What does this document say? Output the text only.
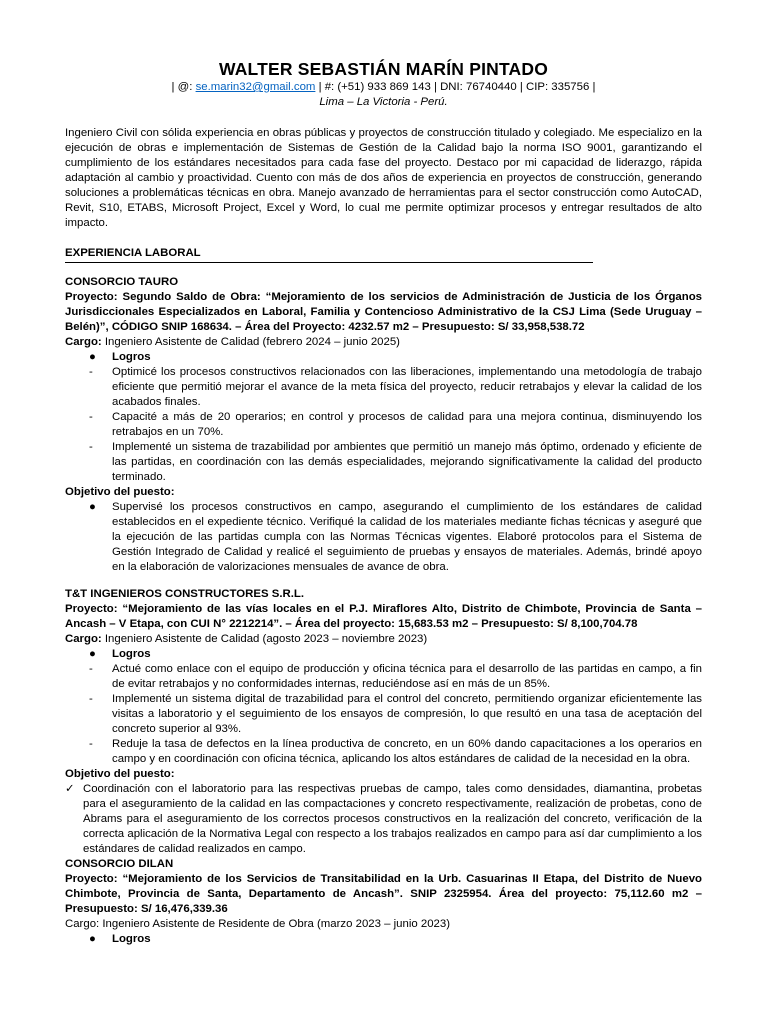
WALTER SEBASTIÁN MARÍN PINTADO
| @: se.marin32@gmail.com | #: (+51) 933 869 143 | DNI: 76740440 | CIP: 335756 |
Lima – La Victoria - Perú.
Ingeniero Civil con sólida experiencia en obras públicas y proyectos de construcción titulado y colegiado. Me especializo en la ejecución de obras e implementación de Sistemas de Gestión de la Calidad bajo la norma ISO 9001, garantizando el cumplimiento de los estándares necesitados para cada fase del proyecto. Destaco por mi capacidad de liderazgo, rápida adaptación al cambio y proactividad. Cuento con más de dos años de experiencia en proyectos de construcción, generando soluciones a problemáticas técnicas en obra. Manejo avanzado de herramientas para el sector construcción como AutoCAD, Revit, S10, ETABS, Microsoft Project, Excel y Word, lo cual me permite optimizar procesos y entregar resultados de alto impacto.
EXPERIENCIA LABORAL
CONSORCIO TAURO
Proyecto: Segundo Saldo de Obra: “Mejoramiento de los servicios de Administración de Justicia de los Órganos Jurisdiccionales Especializados en Laboral, Familia y Contencioso Administrativo de la CSJ Lima (Sede Uruguay – Belén)”, CÓDIGO SNIP 168634. – Área del Proyecto: 4232.57 m2 – Presupuesto: S/ 33,958,538.72
Cargo: Ingeniero Asistente de Calidad (febrero 2024 – junio 2025)
● Logros
- Optimicé los procesos constructivos relacionados con las liberaciones, implementando una metodología de trabajo eficiente que permitió mejorar el avance de la meta física del proyecto, reducir retrabajos y elevar la calidad de los acabados finales.
- Capacité a más de 20 operarios; en control y procesos de calidad para una mejora continua, disminuyendo los retrabajos en un 70%.
- Implementé un sistema de trazabilidad por ambientes que permitió un manejo más óptimo, ordenado y eficiente de las partidas, en coordinación con las demás especialidades, mejorando significativamente la calidad del producto terminado.
Objetivo del puesto:
● Supervisé los procesos constructivos en campo, asegurando el cumplimiento de los estándares de calidad establecidos en el expediente técnico. Verifiqué la calidad de los materiales mediante fichas técnicas y aseguré que la ejecución de las partidas cumpla con las Normas Técnicas vigentes. Elaboré protocolos para el Sistema de Gestión Integrado de Calidad y realicé el seguimiento de pruebas y ensayos de materiales. Además, brindé apoyo en la elaboración de valorizaciones mensuales de avance de obra.
T&T INGENIEROS CONSTRUCTORES S.R.L.
Proyecto: “Mejoramiento de las vías locales en el P.J. Miraflores Alto, Distrito de Chimbote, Provincia de Santa – Ancash – V Etapa, con CUI N° 2212214”. – Área del proyecto: 15,683.53 m2 – Presupuesto: S/ 8,100,704.78
Cargo: Ingeniero Asistente de Calidad (agosto 2023 – noviembre 2023)
● Logros
- Actué como enlace con el equipo de producción y oficina técnica para el desarrollo de las partidas en campo, a fin de evitar retrabajos y no conformidades internas, reduciéndose así en más de un 85%.
- Implementé un sistema digital de trazabilidad para el control del concreto, permitiendo organizar eficientemente las visitas a laboratorio y el seguimiento de los ensayos de compresión, lo que resultó en una tasa de aceptación del concreto superior al 93%.
- Reduje la tasa de defectos en la línea productiva de concreto, en un 60% dando capacitaciones a los operarios en campo y en coordinación con oficina técnica, aplicando los altos estándares de calidad de la necesidad en la obra.
Objetivo del puesto:
✓ Coordinación con el laboratorio para las respectivas pruebas de campo, tales como densidades, diamantina, probetas para el aseguramiento de la calidad en las compactaciones y concreto respectivamente, realización de probetas, cono de Abrams para el aseguramiento de los correctos procesos constructivos en la realización del concreto, verificación de la correcta aplicación de la Normativa Legal con respecto a los trabajos realizados en campo para así dar cumplimiento a los estándares de calidad realizados en campo.
CONSORCIO DILAN
Proyecto: “Mejoramiento de los Servicios de Transitabilidad en la Urb. Casuarinas II Etapa, del Distrito de Nuevo Chimbote, Provincia de Santa, Departamento de Ancash”. SNIP 2325954. Área del proyecto: 75,112.60 m2 – Presupuesto: S/ 16,476,339.36
Cargo: Ingeniero Asistente de Residente de Obra (marzo 2023 – junio 2023)
● Logros
